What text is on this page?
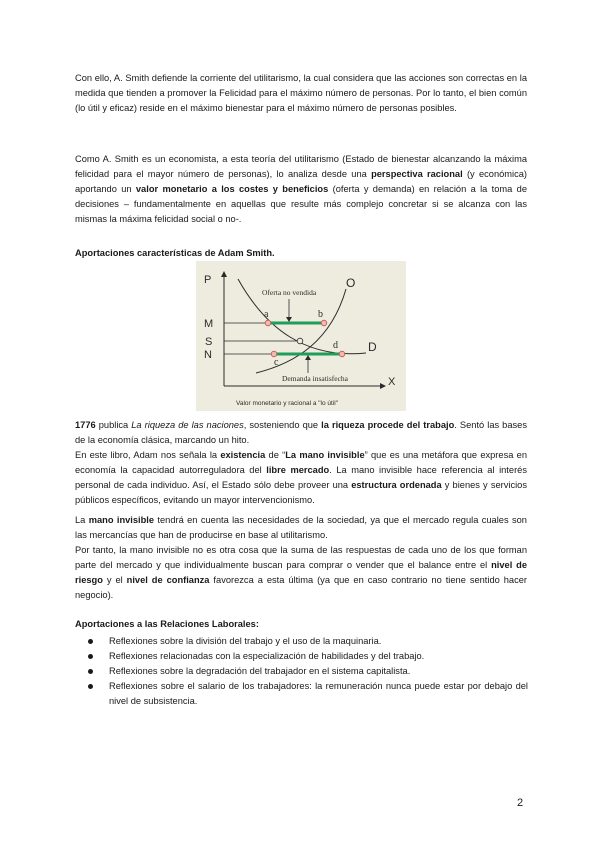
Con ello, A. Smith defiende la corriente del utilitarismo, la cual considera que las acciones son correctas en la medida que tienden a promover la Felicidad para el máximo número de personas. Por lo tanto, el bien común (lo útil y eficaz) reside en el máximo bienestar para el máximo número de personas posibles.

Como A. Smith es un economista, a esta teoría del utilitarismo (Estado de bienestar alcanzando la máxima felicidad para el mayor número de personas), lo analiza desde una perspectiva racional (y económica) aportando un valor monetario a los costes y beneficios (oferta y demanda) en relación a la toma de decisiones – fundamentalmente en aquellas que resulte más complejo concretar si se alcanza con las mismas la máxima felicidad social o no-.

Aportaciones características de Adam Smith.

P
X
M
S
N
O
D
a	b
c
d
Oferta no vendida
Demanda insatisfecha
Valor monetario y racional a "lo útil"

1776 publica La riqueza de las naciones, sosteniendo que la riqueza procede del trabajo. Sentó las bases de la economía clásica, marcando un hito.

En este libro, Adam nos señala la existencia de “La mano invisible” que es una metáfora que expresa en economía la capacidad autorreguladora del libre mercado. La mano invisible hace referencia al interés personal de cada individuo. Así, el Estado sólo debe proveer una estructura ordenada y bienes y servicios públicos específicos, evitando un mayor intervencionismo.

La mano invisible tendrá en cuenta las necesidades de la sociedad, ya que el mercado regula cuales son las mercancías que han de producirse en base al utilitarismo.

Por tanto, la mano invisible no es otra cosa que la suma de las respuestas de cada uno de los que forman parte del mercado y que individualmente buscan para comprar o vender que el balance entre el nivel de riesgo y el nivel de confianza favorezca a esta última (ya que en caso contrario no tiene sentido hacer negocio).

Aportaciones a las Relaciones Laborales:

Reflexiones sobre la división del trabajo y el uso de la maquinaria.
Reflexiones relacionadas con la especialización de habilidades y del trabajo.
Reflexiones sobre la degradación del trabajador en el sistema capitalista.
Reflexiones sobre el salario de los trabajadores: la remuneración nunca puede estar por debajo del nivel de subsistencia.
2
